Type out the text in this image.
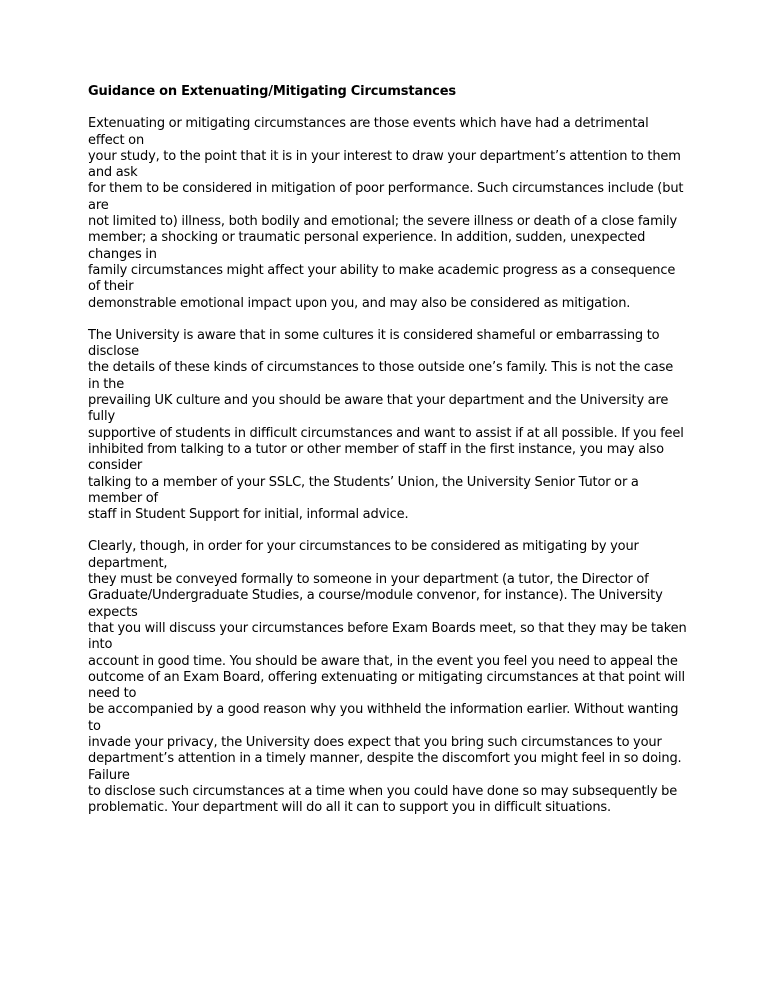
Guidance on Extenuating/Mitigating Circumstances

Extenuating or mitigating circumstances are those events which have had a detrimental effect on
your study, to the point that it is in your interest to draw your department’s attention to them and ask
for them to be considered in mitigation of poor performance. Such circumstances include (but are
not limited to) illness, both bodily and emotional; the severe illness or death of a close family
member; a shocking or traumatic personal experience. In addition, sudden, unexpected changes in
family circumstances might affect your ability to make academic progress as a consequence of their
demonstrable emotional impact upon you, and may also be considered as mitigation.

The University is aware that in some cultures it is considered shameful or embarrassing to disclose
the details of these kinds of circumstances to those outside one’s family. This is not the case in the
prevailing UK culture and you should be aware that your department and the University are fully
supportive of students in difficult circumstances and want to assist if at all possible. If you feel
inhibited from talking to a tutor or other member of staff in the first instance, you may also consider
talking to a member of your SSLC, the Students’ Union, the University Senior Tutor or a member of
staff in Student Support for initial, informal advice.

Clearly, though, in order for your circumstances to be considered as mitigating by your department,
they must be conveyed formally to someone in your department (a tutor, the Director of
Graduate/Undergraduate Studies, a course/module convenor, for instance). The University expects
that you will discuss your circumstances before Exam Boards meet, so that they may be taken into
account in good time. You should be aware that, in the event you feel you need to appeal the
outcome of an Exam Board, offering extenuating or mitigating circumstances at that point will need to
be accompanied by a good reason why you withheld the information earlier. Without wanting to
invade your privacy, the University does expect that you bring such circumstances to your
department’s attention in a timely manner, despite the discomfort you might feel in so doing. Failure
to disclose such circumstances at a time when you could have done so may subsequently be
problematic. Your department will do all it can to support you in difficult situations.
